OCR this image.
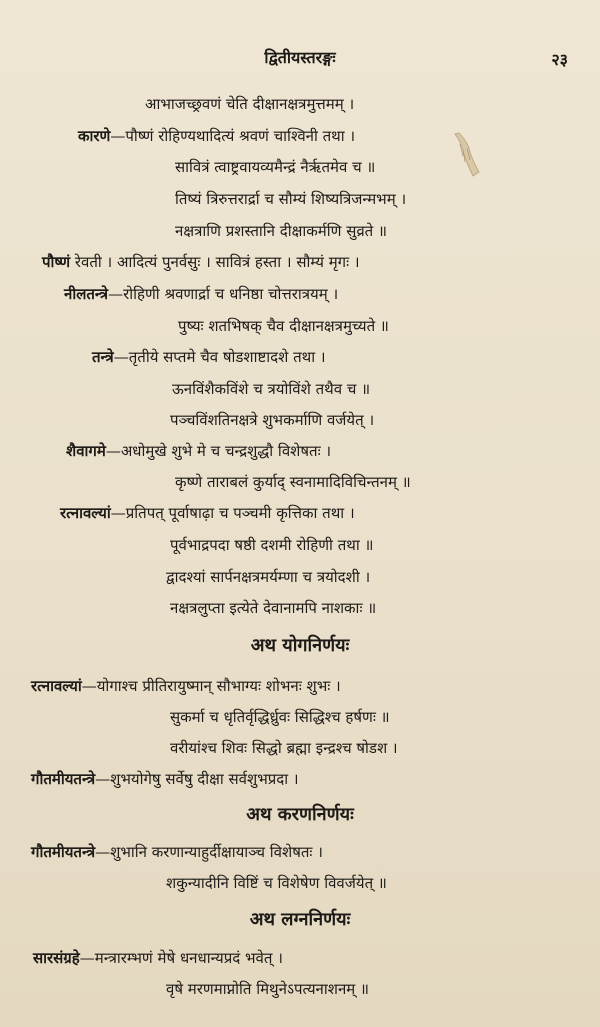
द्वितीयस्तरङ्गः	२३
आभाजच्छ्रवणं चेति दीक्षानक्षत्रमुत्तमम् ।
कारणे—पौष्णं रोहिण्यथादित्यं श्रवणं चाश्विनी तथा ।
सावित्रं त्वाष्ट्रवायव्यमैन्द्रं नैर्ऋतमेव च ॥
तिष्यं त्रिरुत्तरार्द्रा च सौम्यं शिष्यत्रिजन्मभम् ।
नक्षत्राणि प्रशस्तानि दीक्षाकर्मणि सुव्रते ॥
पौष्णं रेवती । आदित्यं पुनर्वसुः । सावित्रं हस्ता । सौम्यं मृगः ।
नीलतन्त्रे—रोहिणी श्रवणार्द्रा च धनिष्ठा चोत्तरात्रयम् ।
पुष्यः शतभिषक् चैव दीक्षानक्षत्रमुच्यते ॥
तन्त्रे—तृतीये सप्तमे चैव षोडशाष्टादशे तथा ।
ऊनविंशैकविंशे च त्रयोविंशे तथैव च ॥
पञ्चविंशतिनक्षत्रे शुभकर्माणि वर्जयेत् ।
शैवागमे—अधोमुखे शुभे मे च चन्द्रशुद्धौ विशेषतः ।
कृष्णे ताराबलं कुर्याद् स्वनामादिविचिन्तनम् ॥
रत्नावल्यां—प्रतिपत् पूर्वाषाढ़ा च पञ्चमी कृत्तिका तथा ।
पूर्वभाद्रपदा षष्ठी दशमी रोहिणी तथा ॥
द्वादश्यां सार्पनक्षत्रमर्यम्णा च त्रयोदशी ।
नक्षत्रलुप्ता इत्येते देवानामपि नाशकाः ॥
अथ योगनिर्णयः
रत्नावल्यां—योगाश्च प्रीतिरायुष्मान् सौभाग्यः शोभनः शुभः ।
सुकर्मा च धृतिर्वृद्धिर्ध्रुवः सिद्धिश्च हर्षणः ॥
वरीयांश्च शिवः सिद्धो ब्रह्मा इन्द्रश्च षोडश ।
गौतमीयतन्त्रे—शुभयोगेषु सर्वेषु दीक्षा सर्वशुभप्रदा ।
अथ करणनिर्णयः
गौतमीयतन्त्रे—शुभानि करणान्याहुर्दीक्षायाञ्च विशेषतः ।
शकुन्यादीनि विष्टिं च विशेषेण विवर्जयेत् ॥
अथ लग्ननिर्णयः
सारसंग्रहे—मन्त्रारम्भणं मेषे धनधान्यप्रदं भवेत् ।
वृषे मरणमाप्नोति मिथुनेऽपत्यनाशनम् ॥
